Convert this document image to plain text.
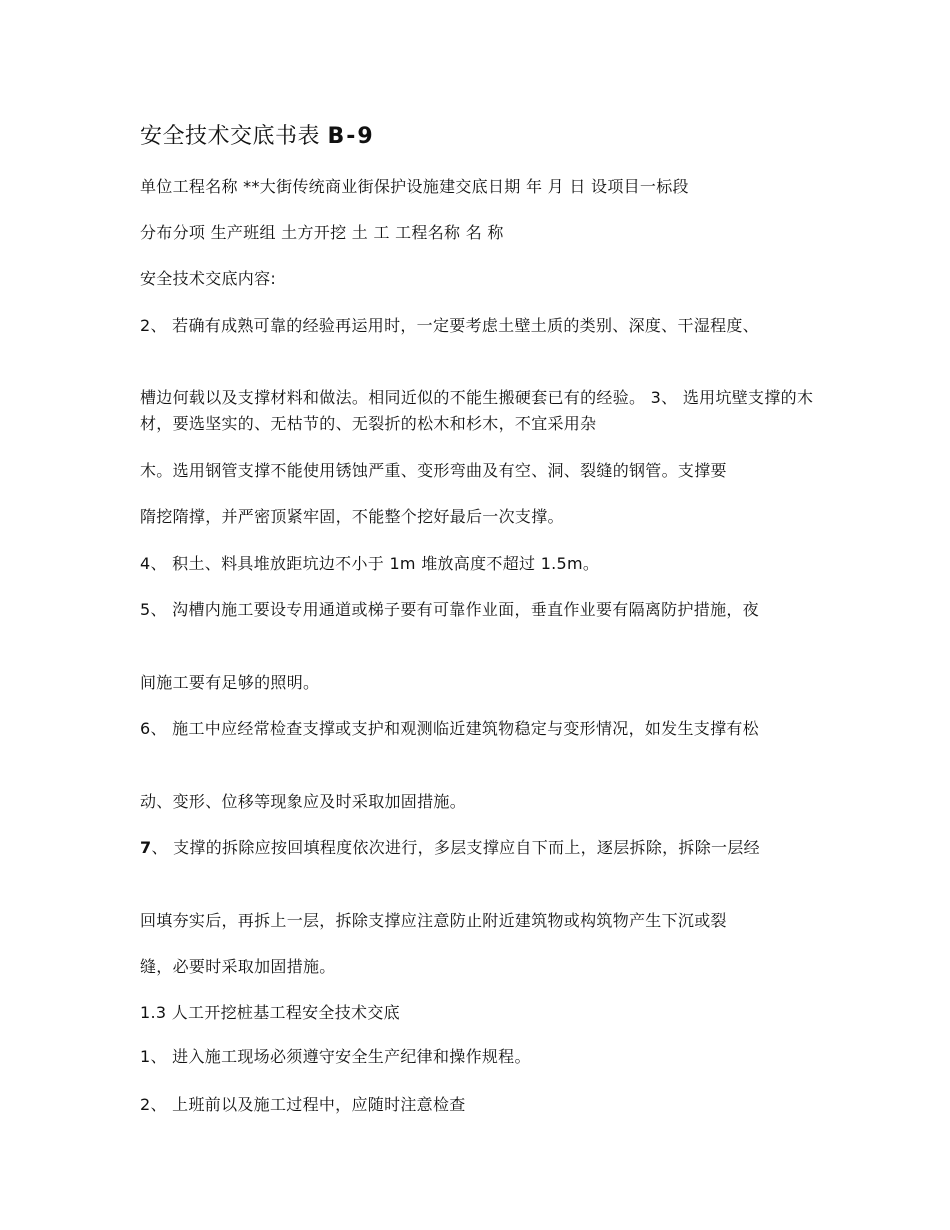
安全技术交底书表 B-9
单位工程名称 **大街传统商业街保护设施建交底日期 年 月 日 设项目一标段
分布分项 生产班组 土方开挖 土 工 工程名称 名 称
安全技术交底内容:
2、 若确有成熟可靠的经验再运用时，一定要考虑土壁土质的类别、深度、干湿程度、
槽边何载以及支撑材料和做法。相同近似的不能生搬硬套已有的经验。 3、 选用坑壁支撑的木材，要选坚实的、无枯节的、无裂折的松木和杉木，不宜采用杂
木。选用钢管支撑不能使用锈蚀严重、变形弯曲及有空、洞、裂缝的钢管。支撑要
隋挖隋撑，并严密顶紧牢固，不能整个挖好最后一次支撑。
4、 积土、料具堆放距坑边不小于 1m 堆放高度不超过 1.5m。
5、 沟槽内施工要设专用通道或梯子要有可靠作业面，垂直作业要有隔离防护措施，夜
间施工要有足够的照明。
6、 施工中应经常检查支撑或支护和观测临近建筑物稳定与变形情况，如发生支撑有松
动、变形、位移等现象应及时采取加固措施。
7、 支撑的拆除应按回填程度依次进行，多层支撑应自下而上，逐层拆除，拆除一层经
回填夯实后，再拆上一层，拆除支撑应注意防止附近建筑物或构筑物产生下沉或裂
缝，必要时采取加固措施。
1.3 人工开挖桩基工程安全技术交底
1、 进入施工现场必须遵守安全生产纪律和操作规程。
2、 上班前以及施工过程中，应随时注意检查
